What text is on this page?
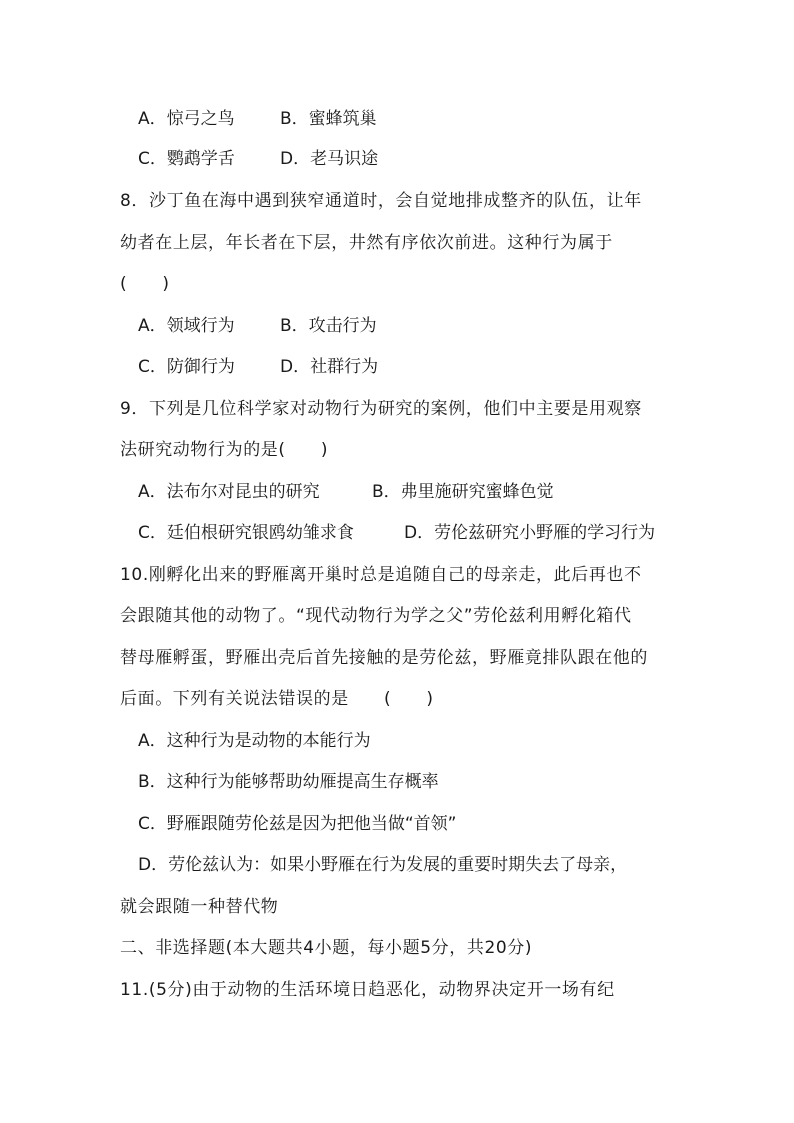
A．惊弓之鸟	B．蜜蜂筑巢
C．鹦鹉学舌	D．老马识途
8．沙丁鱼在海中遇到狭窄通道时，会自觉地排成整齐的队伍，让年
幼者在上层，年长者在下层，井然有序依次前进。这种行为属于
(　　)
A．领域行为	B．攻击行为
C．防御行为	D．社群行为
9．下列是几位科学家对动物行为研究的案例，他们中主要是用观察
法研究动物行为的是(　　)
A．法布尔对昆虫的研究	B．弗里施研究蜜蜂色觉
C．廷伯根研究银鸥幼雏求食	D．劳伦兹研究小野雁的学习行为
10.刚孵化出来的野雁离开巢时总是追随自己的母亲走，此后再也不
会跟随其他的动物了。“现代动物行为学之父”劳伦兹利用孵化箱代
替母雁孵蛋，野雁出壳后首先接触的是劳伦兹，野雁竟排队跟在他的
后面。下列有关说法错误的是　　(　　)
A．这种行为是动物的本能行为
B．这种行为能够帮助幼雁提高生存概率
C．野雁跟随劳伦兹是因为把他当做“首领”
D．劳伦兹认为：如果小野雁在行为发展的重要时期失去了母亲，
就会跟随一种替代物
二、非选择题(本大题共4小题，每小题5分，共20分)
11.(5分)由于动物的生活环境日趋恶化，动物界决定开一场有纪
